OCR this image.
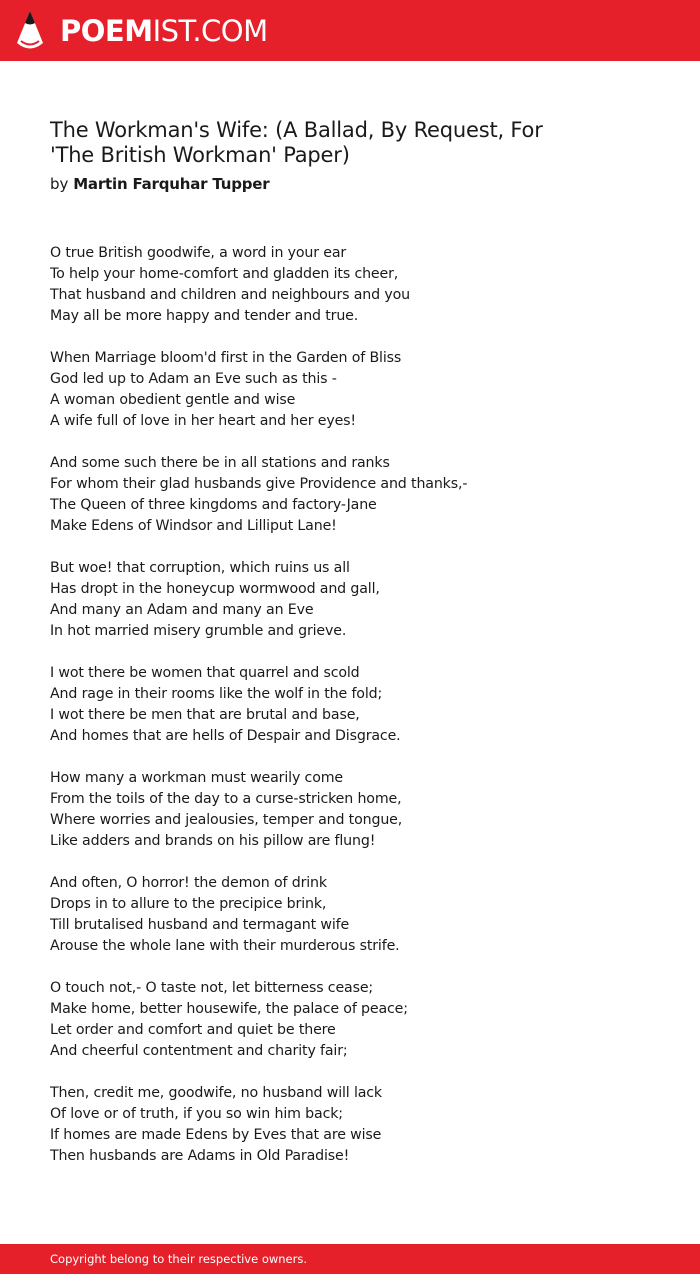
POEMIST.COM
The Workman's Wife: (A Ballad, By Request, For
'The British Workman' Paper)
by Martin Farquhar Tupper
O true British goodwife, a word in your ear
To help your home-comfort and gladden its cheer,
That husband and children and neighbours and you
May all be more happy and tender and true.
When Marriage bloom'd first in the Garden of Bliss
God led up to Adam an Eve such as this -
A woman obedient gentle and wise
A wife full of love in her heart and her eyes!
And some such there be in all stations and ranks
For whom their glad husbands give Providence and thanks,-
The Queen of three kingdoms and factory-Jane
Make Edens of Windsor and Lilliput Lane!
But woe! that corruption, which ruins us all
Has dropt in the honeycup wormwood and gall,
And many an Adam and many an Eve
In hot married misery grumble and grieve.
I wot there be women that quarrel and scold
And rage in their rooms like the wolf in the fold;
I wot there be men that are brutal and base,
And homes that are hells of Despair and Disgrace.
How many a workman must wearily come
From the toils of the day to a curse-stricken home,
Where worries and jealousies, temper and tongue,
Like adders and brands on his pillow are flung!
And often, O horror! the demon of drink
Drops in to allure to the precipice brink,
Till brutalised husband and termagant wife
Arouse the whole lane with their murderous strife.
O touch not,- O taste not, let bitterness cease;
Make home, better housewife, the palace of peace;
Let order and comfort and quiet be there
And cheerful contentment and charity fair;
Then, credit me, goodwife, no husband will lack
Of love or of truth, if you so win him back;
If homes are made Edens by Eves that are wise
Then husbands are Adams in Old Paradise!
Copyright belong to their respective owners.
